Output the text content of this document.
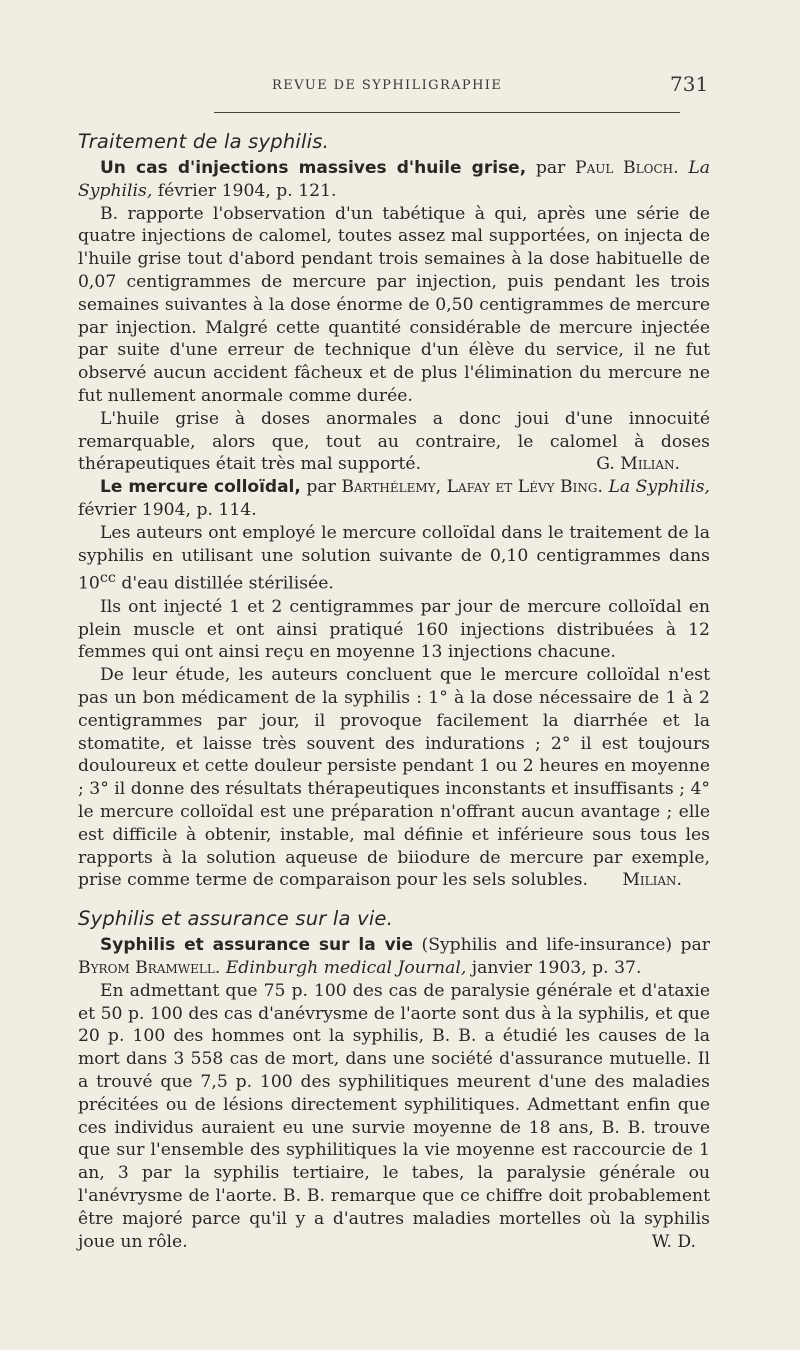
REVUE DE SYPHILIGRAPHIE	731
Traitement de la syphilis.

Un cas d'injections massives d'huile grise, par Paul Bloch. La Syphilis, février 1904, p. 121.

B. rapporte l'observation d'un tabétique à qui, après une série de quatre injections de calomel, toutes assez mal supportées, on injecta de l'huile grise tout d'abord pendant trois semaines à la dose habituelle de 0,07 centigrammes de mercure par injection, puis pendant les trois semaines suivantes à la dose énorme de 0,50 centigrammes de mercure par injection. Malgré cette quantité considérable de mercure injectée par suite d'une erreur de technique d'un élève du service, il ne fut observé aucun accident fâcheux et de plus l'élimination du mercure ne fut nullement anormale comme durée.

L'huile grise à doses anormales a donc joui d'une innocuité remarquable, alors que, tout au contraire, le calomel à doses thérapeutiques était très mal supporté.	G. Milian.

Le mercure colloïdal, par Barthélemy, Lafay et Lévy Bing. La Syphilis, février 1904, p. 114.

Les auteurs ont employé le mercure colloïdal dans le traitement de la syphilis en utilisant une solution suivante de 0,10 centigrammes dans $10^{cc}$ d'eau distillée stérilisée.

Ils ont injecté 1 et 2 centigrammes par jour de mercure colloïdal en plein muscle et ont ainsi pratiqué 160 injections distribuées à 12 femmes qui ont ainsi reçu en moyenne 13 injections chacune.

De leur étude, les auteurs concluent que le mercure colloïdal n'est pas un bon médicament de la syphilis : 1° à la dose nécessaire de 1 à 2 centigrammes par jour, il provoque facilement la diarrhée et la stomatite, et laisse très souvent des indurations ; 2° il est toujours douloureux et cette douleur persiste pendant 1 ou 2 heures en moyenne ; 3° il donne des résultats thérapeutiques inconstants et insuffisants ; 4° le mercure colloïdal est une préparation n'offrant aucun avantage ; elle est difficile à obtenir, instable, mal définie et inférieure sous tous les rapports à la solution aqueuse de biiodure de mercure par exemple, prise comme terme de comparaison pour les sels solubles.	Milian.

Syphilis et assurance sur la vie.

Syphilis et assurance sur la vie (Syphilis and life-insurance) par Byrom Bramwell. Edinburgh medical Journal, janvier 1903, p. 37.

En admettant que 75 p. 100 des cas de paralysie générale et d'ataxie et 50 p. 100 des cas d'anévrysme de l'aorte sont dus à la syphilis, et que 20 p. 100 des hommes ont la syphilis, B. B. a étudié les causes de la mort dans 3 558 cas de mort, dans une société d'assurance mutuelle. Il a trouvé que 7,5 p. 100 des syphilitiques meurent d'une des maladies précitées ou de lésions directement syphilitiques. Admettant enfin que ces individus auraient eu une survie moyenne de 18 ans, B. B. trouve que sur l'ensemble des syphilitiques la vie moyenne est raccourcie de 1 an, 3 par la syphilis tertiaire, le tabes, la paralysie générale ou l'anévrysme de l'aorte. B. B. remarque que ce chiffre doit probablement être majoré parce qu'il y a d'autres maladies mortelles où la syphilis joue un rôle.	W. D.
